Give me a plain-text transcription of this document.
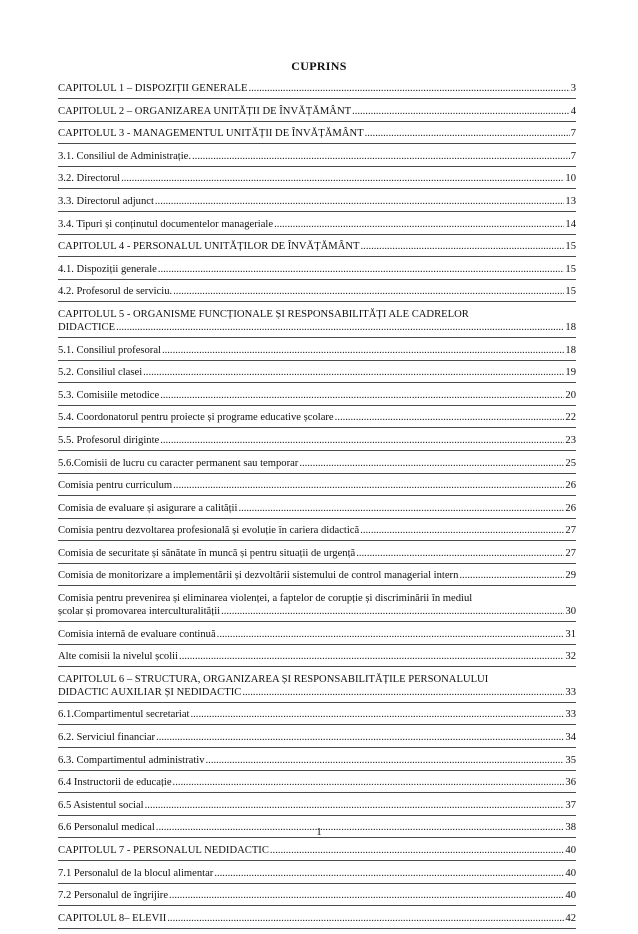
CUPRINS
CAPITOLUL 1 – DISPOZIȚII GENERALE .....	3
CAPITOLUL 2 – ORGANIZAREA UNITĂȚII DE ÎNVĂȚĂMÂNT .....	4
CAPITOLUL 3 - MANAGEMENTUL UNITĂȚII DE ÎNVĂȚĂMÂNT .....	7
3.1. Consiliul de Administrație. .....	7
3.2. Directorul .....	10
3.3. Directorul adjunct .....	13
3.4. Tipuri și conținutul documentelor manageriale .....	14
CAPITOLUL 4 - PERSONALUL UNITĂȚILOR DE ÎNVĂȚĂMÂNT .....	15
4.1. Dispoziții generale .....	15
4.2. Profesorul de serviciu. .....	15
CAPITOLUL 5 - ORGANISME FUNCȚIONALE ȘI RESPONSABILITĂȚI ALE CADRELOR
DIDACTICE .....	18
5.1. Consiliul profesoral .....	18
5.2. Consiliul clasei .....	19
5.3. Comisiile metodice .....	20
5.4. Coordonatorul pentru proiecte și programe educative școlare .....	22
5.5. Profesorul diriginte .....	23
5.6.Comisii de lucru cu caracter permanent sau temporar .....	25
Comisia pentru curriculum .....	26
Comisia de evaluare și asigurare a calității .....	26
Comisia pentru dezvoltarea profesională și evoluție în cariera didactică .....	27
Comisia de securitate și sănătate în muncă și pentru situații de urgență .....	27
Comisia de monitorizare a implementării și dezvoltării sistemului de control managerial intern .....	29
Comisia pentru prevenirea și eliminarea violenței, a faptelor de corupție și discriminării în mediul
școlar și promovarea interculturalității .....	30
Comisia internă de evaluare continuă .....	31
Alte comisii la nivelul școlii .....	32
CAPITOLUL 6 – STRUCTURA, ORGANIZAREA ȘI RESPONSABILITĂȚILE PERSONALULUI
DIDACTIC AUXILIAR ȘI NEDIDACTIC .....	33
6.1.Compartimentul secretariat .....	33
6.2. Serviciul financiar .....	34
6.3. Compartimentul administrativ .....	35
6.4 Instructorii de educație .....	36
6.5 Asistentul social .....	37
6.6 Personalul medical .....	38
CAPITOLUL 7 - PERSONALUL NEDIDACTIC .....	40
7.1 Personalul de la blocul alimentar .....	40
7.2 Personalul de îngrijire .....	40
CAPITOLUL 8– ELEVII .....	42
1
